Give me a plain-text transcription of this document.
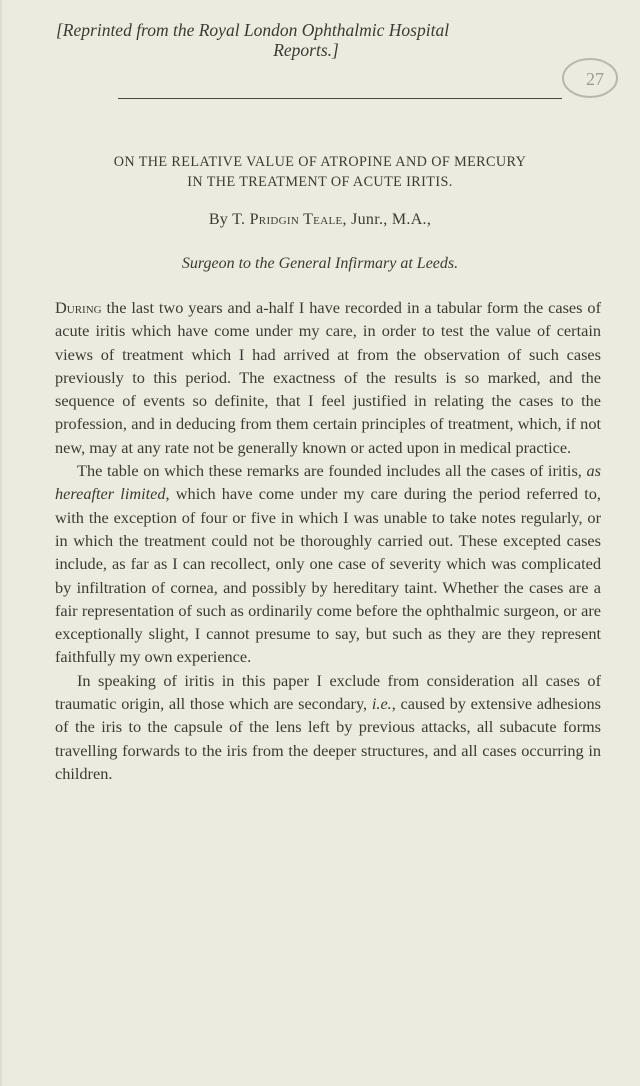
[Reprinted from the Royal London Ophthalmic Hospital
Reports.]
27
ON THE RELATIVE VALUE OF ATROPINE AND OF MERCURY
IN THE TREATMENT OF ACUTE IRITIS.
By T. Pridgin Teale, Junr., M.A.,
Surgeon to the General Infirmary at Leeds.

During the last two years and a-half I have recorded in a tabular form the cases of acute iritis which have come under my care, in order to test the value of certain views of treatment which I had arrived at from the observation of such cases previously to this period. The exactness of the results is so marked, and the sequence of events so definite, that I feel justified in relating the cases to the profession, and in deducing from them certain principles of treatment, which, if not new, may at any rate not be generally known or acted upon in medical practice.

The table on which these remarks are founded includes all the cases of iritis, as hereafter limited, which have come under my care during the period referred to, with the exception of four or five in which I was unable to take notes regularly, or in which the treatment could not be thoroughly carried out. These excepted cases include, as far as I can recollect, only one case of severity which was complicated by infiltration of cornea, and possibly by hereditary taint. Whether the cases are a fair representation of such as ordinarily come before the ophthalmic surgeon, or are exceptionally slight, I cannot presume to say, but such as they are they represent faithfully my own experience.

In speaking of iritis in this paper I exclude from consideration all cases of traumatic origin, all those which are secondary, i.e., caused by extensive adhesions of the iris to the capsule of the lens left by previous attacks, all subacute forms travelling forwards to the iris from the deeper structures, and all cases occurring in children.
